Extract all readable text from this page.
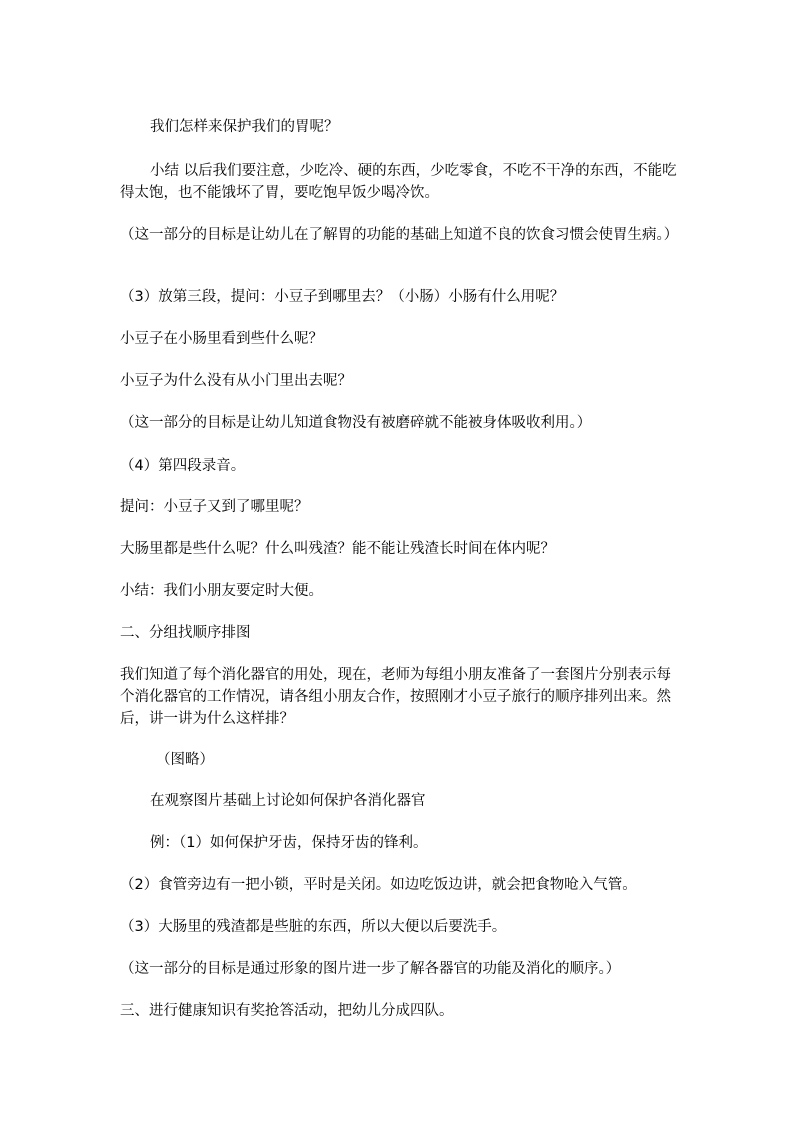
我们怎样来保护我们的胃呢？

小结 以后我们要注意，少吃冷、硬的东西，少吃零食，不吃不干净的东西，不能吃得太饱，也不能饿坏了胃，要吃饱早饭少喝冷饮。

（这一部分的目标是让幼儿在了解胃的功能的基础上知道不良的饮食习惯会使胃生病。）

（3）放第三段，提问：小豆子到哪里去？（小肠）小肠有什么用呢？

小豆子在小肠里看到些什么呢？

小豆子为什么没有从小门里出去呢？

（这一部分的目标是让幼儿知道食物没有被磨碎就不能被身体吸收利用。）

（4）第四段录音。

提问：小豆子又到了哪里呢？

大肠里都是些什么呢？什么叫残渣？能不能让残渣长时间在体内呢？

小结：我们小朋友要定时大便。

二、分组找顺序排图

我们知道了每个消化器官的用处，现在，老师为每组小朋友准备了一套图片分别表示每个消化器官的工作情况，请各组小朋友合作，按照刚才小豆子旅行的顺序排列出来。然后，讲一讲为什么这样排？

（图略）

在观察图片基础上讨论如何保护各消化器官

例：（1）如何保护牙齿，保持牙齿的锋利。

（2）食管旁边有一把小锁，平时是关闭。如边吃饭边讲，就会把食物呛入气管。

（3）大肠里的残渣都是些脏的东西，所以大便以后要洗手。

（这一部分的目标是通过形象的图片进一步了解各器官的功能及消化的顺序。）

三、进行健康知识有奖抢答活动，把幼儿分成四队。
